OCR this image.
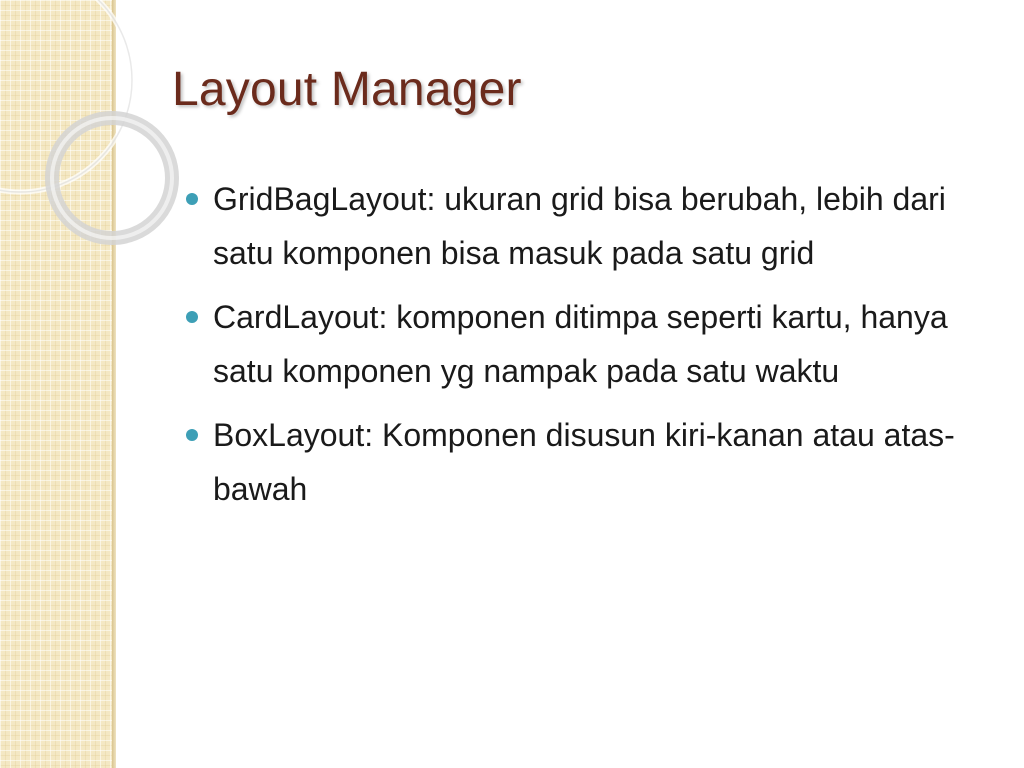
Layout Manager
GridBagLayout: ukuran grid bisa berubah, lebih dari satu komponen bisa masuk pada satu grid
CardLayout: komponen ditimpa seperti kartu, hanya satu komponen yg nampak pada satu waktu
BoxLayout: Komponen disusun kiri-kanan atau atas-bawah
